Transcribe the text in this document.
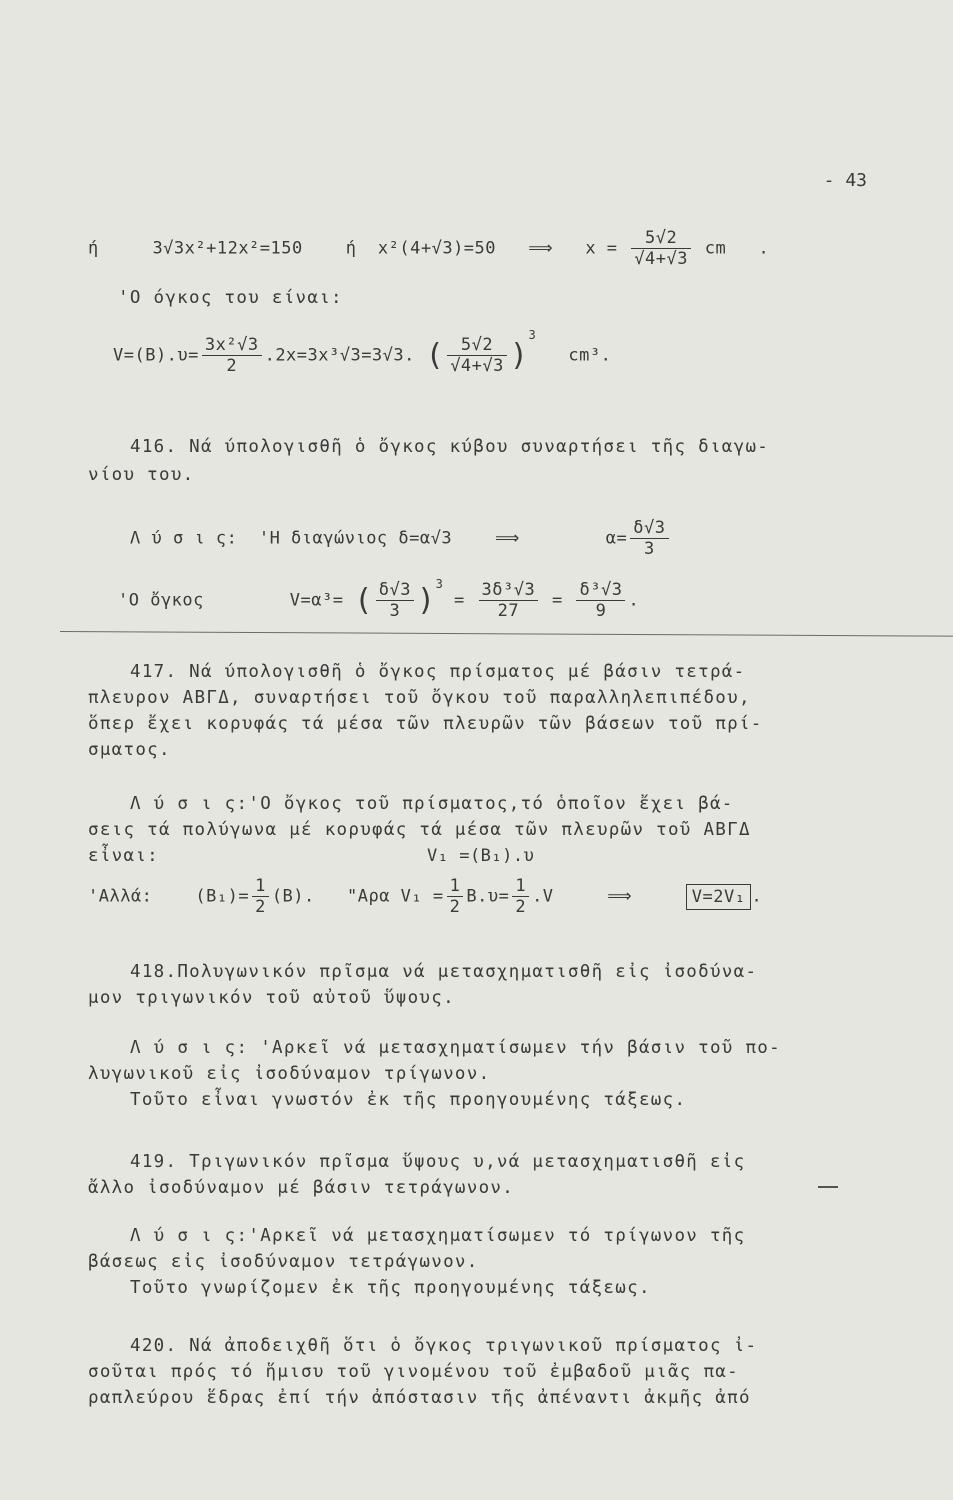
- 43
ή	3√3x²+12x²=150	ή x²(4+√3)=50 ⟹ $x = \frac{5√2}{√4+√3}$ cm .
'Ο όγκος του είναι:
$V=(B).\upsilon= \frac{\text{3x²√3}}{2} .2x=3x^3√3=3√3$. ( $\frac{5√2}{√4+√3} )^3$   cm³.
416. Νά ύπολογισθῆ ὁ ὄγκος κύβου συναρτήσει τῆς διαγω-
νίου του.
Λ ύ σ ι ς: 'Η διαγώνιος δ=α√3	⟹	$\alpha= \frac{\delta√3}{3}$
'Ο ὄγκος	V=α³= ( $\frac{\delta√3}{3} )^3 = \frac{\text{3δ³√3}}{27} = \frac{\text{δ³√3}}{9}$ .
417. Νά ύπολογισθῆ ὁ ὄγκος πρίσματος μέ βάσιν τετρά-
πλευρον ΑΒΓΔ, συναρτήσει τοῦ ὄγκου τοῦ παραλληλεπιπέδου,
ὅπερ ἔχει κορυφάς τά μέσα τῶν πλευρῶν τῶν βάσεων τοῦ πρί-
σματος.
Λ ύ σ ι ς:'Ο ὄγκος τοῦ πρίσματος,τό ὁποῖον ἔχει βά-
σεις τά πολύγωνα μέ κορυφάς τά μέσα τῶν πλευρῶν τοῦ ΑΒΓΔ
εἶναι:	V₁ =(B₁).υ
'Αλλά:	$(B_1)= \frac{1}{2} (B)$. "Αρα $V_1 = \frac{1}{2} B.\upsilon= \frac{1}{2} .V$	⟹	V=2V₁ .
418.Πολυγωνικόν πρῖσμα νά μετασχηματισθῆ εἰς ἰσοδύνα-
μον τριγωνικόν τοῦ αὐτοῦ ὕψους.
Λ ύ σ ι ς: 'Αρκεῖ νά μετασχηματίσωμεν τήν βάσιν τοῦ πο-
λυγωνικοῦ εἰς ἰσοδύναμον τρίγωνον.
Τοῦτο εἶναι γνωστόν ἐκ τῆς προηγουμένης τάξεως.
419. Τριγωνικόν πρῖσμα ὕψους υ,νά μετασχηματισθῆ εἰς
ἄλλο ἰσοδύναμον μέ βάσιν τετράγωνον.
Λ ύ σ ι ς:'Αρκεῖ νά μετασχηματίσωμεν τό τρίγωνον τῆς
βάσεως εἰς ἰσοδύναμον τετράγωνον.
Τοῦτο γνωρίζομεν ἐκ τῆς προηγουμένης τάξεως.
420. Νά ἀποδειχθῆ ὅτι ὁ ὄγκος τριγωνικοῦ πρίσματος ἰ-
σοῦται πρός τό ἥμισυ τοῦ γινομένου τοῦ ἐμβαδοῦ μιᾶς πα-
ραπλεύρου ἕδρας ἐπί τήν ἀπόστασιν τῆς ἀπέναντι ἀκμῆς ἀπό
